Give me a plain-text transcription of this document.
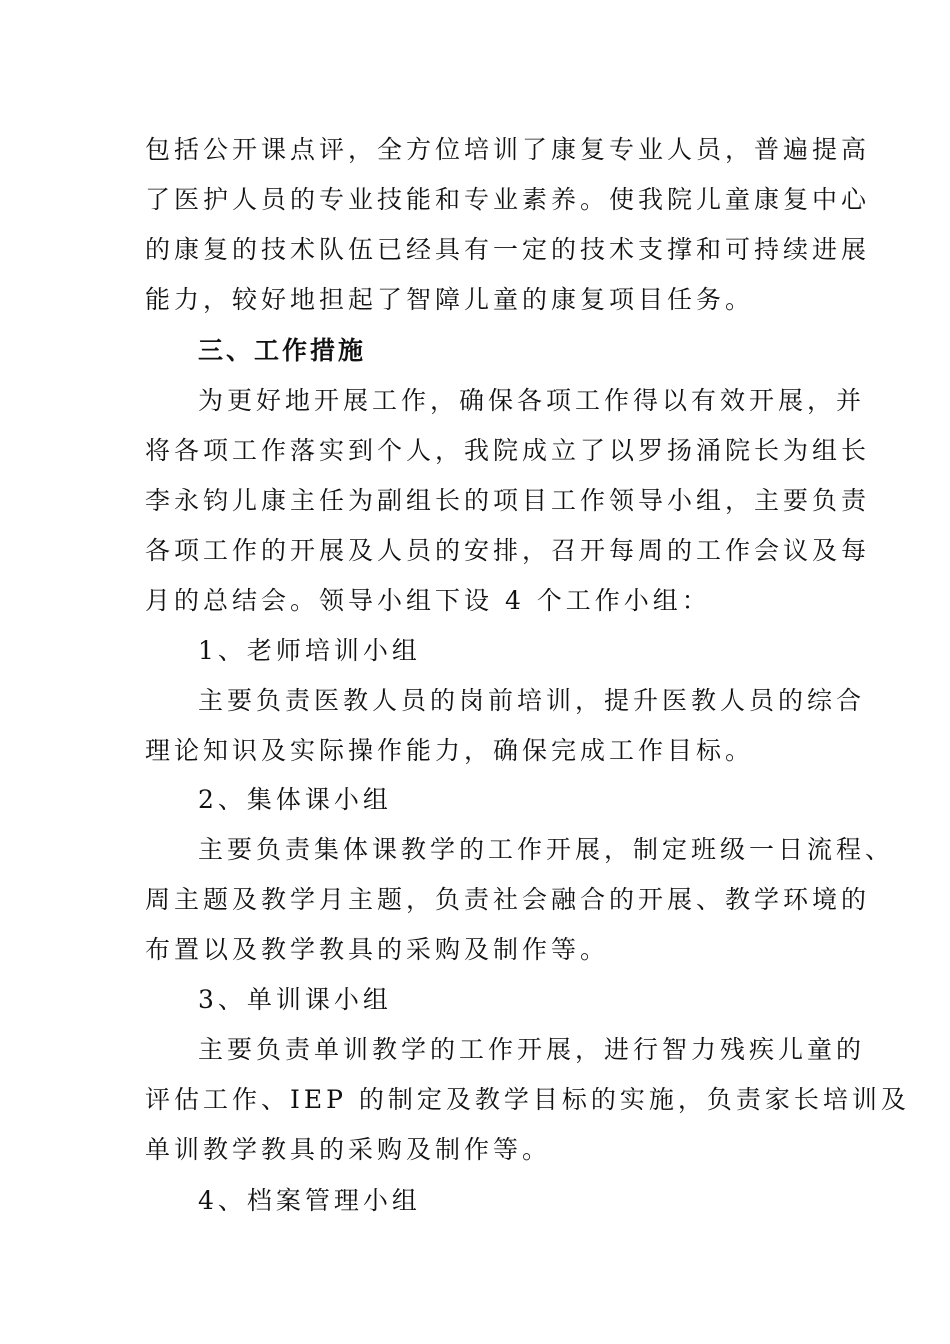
包括公开课点评，全方位培训了康复专业人员，普遍提高
了医护人员的专业技能和专业素养。使我院儿童康复中心
的康复的技术队伍已经具有一定的技术支撑和可持续进展
能力，较好地担起了智障儿童的康复项目任务。
三、工作措施
为更好地开展工作，确保各项工作得以有效开展，并
将各项工作落实到个人，我院成立了以罗扬涌院长为组长
李永钧儿康主任为副组长的项目工作领导小组，主要负责
各项工作的开展及人员的安排，召开每周的工作会议及每
月的总结会。领导小组下设 4 个工作小组：
1、老师培训小组
主要负责医教人员的岗前培训，提升医教人员的综合
理论知识及实际操作能力，确保完成工作目标。
2、集体课小组
主要负责集体课教学的工作开展，制定班级一日流程、
周主题及教学月主题，负责社会融合的开展、教学环境的
布置以及教学教具的采购及制作等。
3、单训课小组
主要负责单训教学的工作开展，进行智力残疾儿童的
评估工作、IEP 的制定及教学目标的实施，负责家长培训及
单训教学教具的采购及制作等。
4、档案管理小组
